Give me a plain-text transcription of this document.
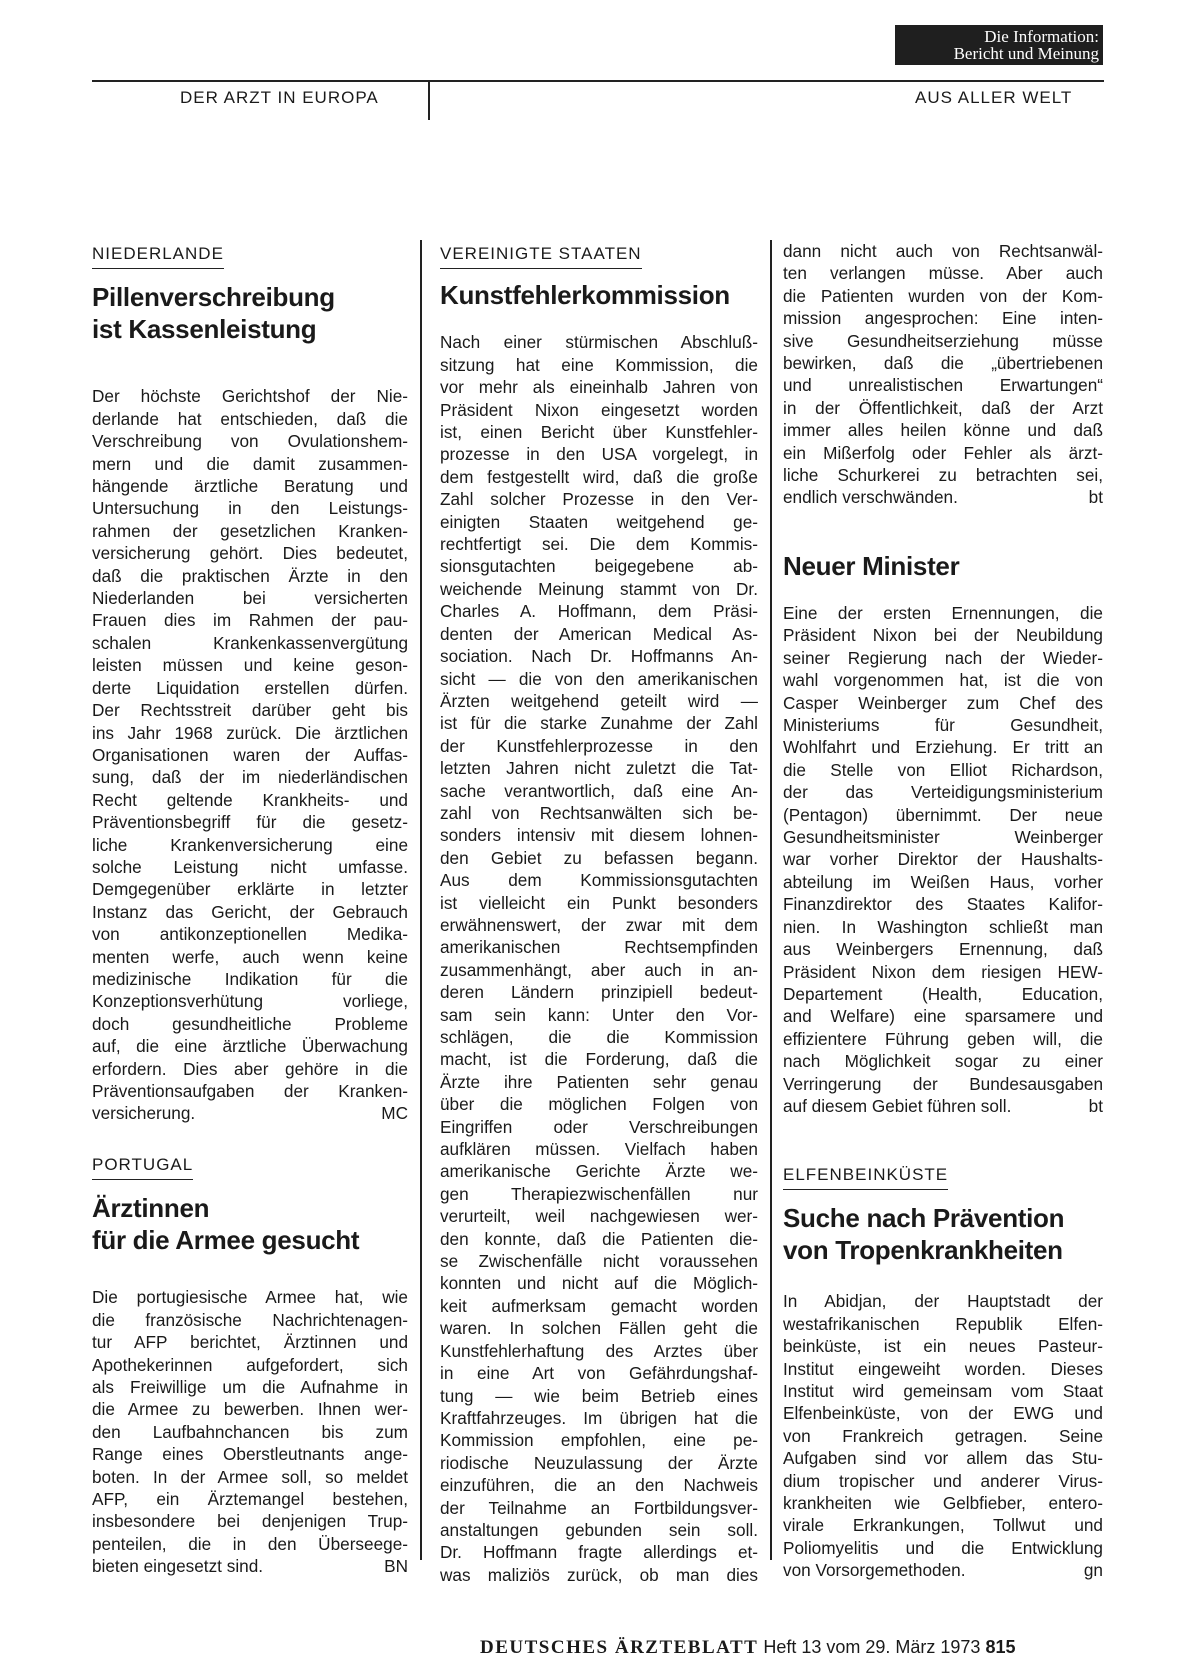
Die Information:
Bericht und Meinung
DER ARZT IN EUROPA	AUS ALLER WELT
NIEDERLANDE
Pillenverschreibung
ist Kassenleistung
Der höchste Gerichtshof der Nie-
derlande hat entschieden, daß die
Verschreibung von Ovulationshem-
mern und die damit zusammen-
hängende ärztliche Beratung und
Untersuchung in den Leistungs-
rahmen der gesetzlichen Kranken-
versicherung gehört. Dies bedeutet,
daß die praktischen Ärzte in den
Niederlanden bei versicherten
Frauen dies im Rahmen der pau-
schalen Krankenkassenvergütung
leisten müssen und keine geson-
derte Liquidation erstellen dürfen.
Der Rechtsstreit darüber geht bis
ins Jahr 1968 zurück. Die ärztlichen
Organisationen waren der Auffas-
sung, daß der im niederländischen
Recht geltende Krankheits- und
Präventionsbegriff für die gesetz-
liche Krankenversicherung eine
solche Leistung nicht umfasse.
Demgegenüber erklärte in letzter
Instanz das Gericht, der Gebrauch
von antikonzeptionellen Medika-
menten werfe, auch wenn keine
medizinische Indikation für die
Konzeptionsverhütung vorliege,
doch gesundheitliche Probleme
auf, die eine ärztliche Überwachung
erfordern. Dies aber gehöre in die
Präventionsaufgaben der Kranken-
versicherung.	MC
PORTUGAL
Ärztinnen
für die Armee gesucht
Die portugiesische Armee hat, wie
die französische Nachrichtenagen-
tur AFP berichtet, Ärztinnen und
Apothekerinnen aufgefordert, sich
als Freiwillige um die Aufnahme in
die Armee zu bewerben. Ihnen wer-
den Laufbahnchancen bis zum
Range eines Oberstleutnants ange-
boten. In der Armee soll, so meldet
AFP, ein Ärztemangel bestehen,
insbesondere bei denjenigen Trup-
penteilen, die in den Überseege-
bieten eingesetzt sind.	BN
VEREINIGTE STAATEN
Kunstfehlerkommission
Nach einer stürmischen Abschluß-
sitzung hat eine Kommission, die
vor mehr als eineinhalb Jahren von
Präsident Nixon eingesetzt worden
ist, einen Bericht über Kunstfehler-
prozesse in den USA vorgelegt, in
dem festgestellt wird, daß die große
Zahl solcher Prozesse in den Ver-
einigten Staaten weitgehend ge-
rechtfertigt sei. Die dem Kommis-
sionsgutachten beigegebene ab-
weichende Meinung stammt von Dr.
Charles A. Hoffmann, dem Präsi-
denten der American Medical As-
sociation. Nach Dr. Hoffmanns An-
sicht — die von den amerikanischen
Ärzten weitgehend geteilt wird —
ist für die starke Zunahme der Zahl
der Kunstfehlerprozesse in den
letzten Jahren nicht zuletzt die Tat-
sache verantwortlich, daß eine An-
zahl von Rechtsanwälten sich be-
sonders intensiv mit diesem lohnen-
den Gebiet zu befassen begann.
Aus dem Kommissionsgutachten
ist vielleicht ein Punkt besonders
erwähnenswert, der zwar mit dem
amerikanischen Rechtsempfinden
zusammenhängt, aber auch in an-
deren Ländern prinzipiell bedeut-
sam sein kann: Unter den Vor-
schlägen, die die Kommission
macht, ist die Forderung, daß die
Ärzte ihre Patienten sehr genau
über die möglichen Folgen von
Eingriffen oder Verschreibungen
aufklären müssen. Vielfach haben
amerikanische Gerichte Ärzte we-
gen Therapiezwischenfällen nur
verurteilt, weil nachgewiesen wer-
den konnte, daß die Patienten die-
se Zwischenfälle nicht voraussehen
konnten und nicht auf die Möglich-
keit aufmerksam gemacht worden
waren. In solchen Fällen geht die
Kunstfehlerhaftung des Arztes über
in eine Art von Gefährdungshaf-
tung — wie beim Betrieb eines
Kraftfahrzeuges. Im übrigen hat die
Kommission empfohlen, eine pe-
riodische Neuzulassung der Ärzte
einzuführen, die an den Nachweis
der Teilnahme an Fortbildungsver-
anstaltungen gebunden sein soll.
Dr. Hoffmann fragte allerdings et-
was maliziös zurück, ob man dies
dann nicht auch von Rechtsanwäl-
ten verlangen müsse. Aber auch
die Patienten wurden von der Kom-
mission angesprochen: Eine inten-
sive Gesundheitserziehung müsse
bewirken, daß die „übertriebenen
und unrealistischen Erwartungen“
in der Öffentlichkeit, daß der Arzt
immer alles heilen könne und daß
ein Mißerfolg oder Fehler als ärzt-
liche Schurkerei zu betrachten sei,
endlich verschwänden.	bt
Neuer Minister
Eine der ersten Ernennungen, die
Präsident Nixon bei der Neubildung
seiner Regierung nach der Wieder-
wahl vorgenommen hat, ist die von
Casper Weinberger zum Chef des
Ministeriums für Gesundheit,
Wohlfahrt und Erziehung. Er tritt an
die Stelle von Elliot Richardson,
der das Verteidigungsministerium
(Pentagon) übernimmt. Der neue
Gesundheitsminister Weinberger
war vorher Direktor der Haushalts-
abteilung im Weißen Haus, vorher
Finanzdirektor des Staates Kalifor-
nien. In Washington schließt man
aus Weinbergers Ernennung, daß
Präsident Nixon dem riesigen HEW-
Departement (Health, Education,
and Welfare) eine sparsamere und
effizientere Führung geben will, die
nach Möglichkeit sogar zu einer
Verringerung der Bundesausgaben
auf diesem Gebiet führen soll.	bt
ELFENBEINKÜSTE
Suche nach Prävention
von Tropenkrankheiten
In Abidjan, der Hauptstadt der
westafrikanischen Republik Elfen-
beinküste, ist ein neues Pasteur-
Institut eingeweiht worden. Dieses
Institut wird gemeinsam vom Staat
Elfenbeinküste, von der EWG und
von Frankreich getragen. Seine
Aufgaben sind vor allem das Stu-
dium tropischer und anderer Virus-
krankheiten wie Gelbfieber, entero-
virale Erkrankungen, Tollwut und
Poliomyelitis und die Entwicklung
von Vorsorgemethoden.	gn
DEUTSCHES ÄRZTEBLATT Heft 13 vom 29. März 1973 815
